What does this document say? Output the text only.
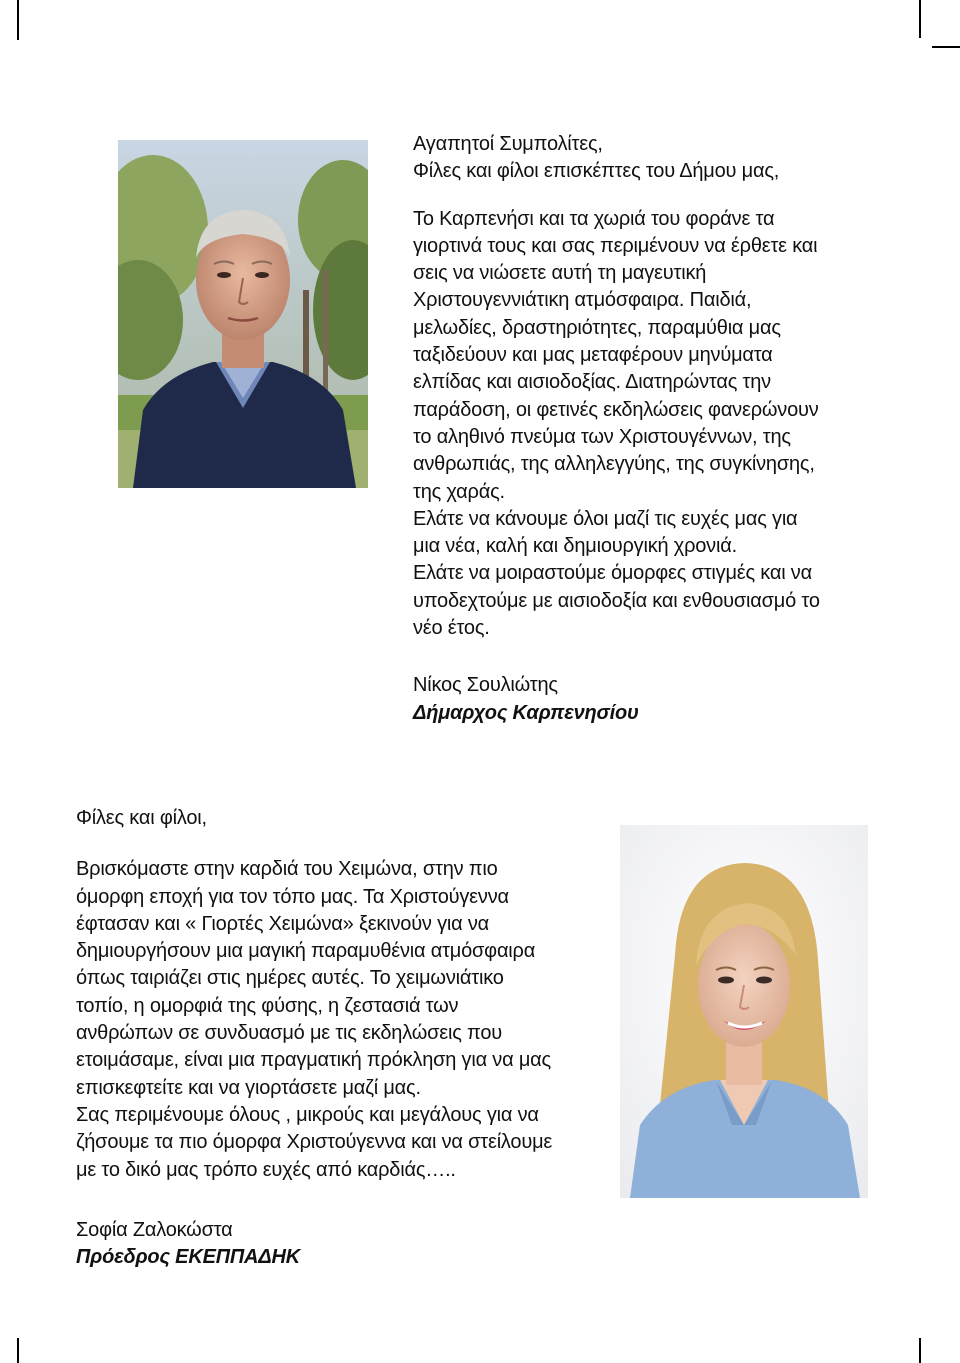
Αγαπητοί Συμπολίτες,

Φίλες και φίλοι επισκέπτες του Δήμου μας,

Το Καρπενήσι και τα χωριά του φοράνε τα

γιορτινά τους και σας περιμένουν να έρθετε και

σεις να νιώσετε αυτή τη μαγευτική

Χριστουγεννιάτικη ατμόσφαιρα. Παιδιά,

μελωδίες, δραστηριότητες, παραμύθια μας

ταξιδεύουν και μας μεταφέρουν μηνύματα

ελπίδας και αισιοδοξίας. Διατηρώντας την

παράδοση, οι φετινές εκδηλώσεις φανερώνουν

το αληθινό πνεύμα των Χριστουγέννων, της

ανθρωπιάς, της αλληλεγγύης, της συγκίνησης,

της χαράς.

Ελάτε να κάνουμε όλοι μαζί τις ευχές μας για

μια νέα, καλή και δημιουργική χρονιά.

Ελάτε να μοιραστούμε όμορφες στιγμές και να

υποδεχτούμε με αισιοδοξία και ενθουσιασμό το

νέο έτος.

Νίκος Σουλιώτης

Δήμαρχος Καρπενησίου

Φίλες και φίλοι,

Βρισκόμαστε στην καρδιά του Χειμώνα, στην πιο

όμορφη εποχή για τον τόπο μας. Τα Χριστούγεννα

έφτασαν και « Γιορτές Χειμώνα» ξεκινούν για να

δημιουργήσουν μια μαγική παραμυθένια ατμόσφαιρα

όπως ταιριάζει στις ημέρες αυτές. Το χειμωνιάτικο

τοπίο, η ομορφιά της φύσης, η ζεστασιά των

ανθρώπων σε συνδυασμό με τις εκδηλώσεις που

ετοιμάσαμε, είναι μια πραγματική πρόκληση για να μας

επισκεφτείτε και να γιορτάσετε μαζί μας.

Σας περιμένουμε όλους , μικρούς και μεγάλους για να

ζήσουμε τα πιο όμορφα Χριστούγεννα και να στείλουμε

με το δικό μας τρόπο ευχές από καρδιάς…..

Σοφία Ζαλοκώστα

Πρόεδρος ΕΚΕΠΠΑΔΗΚ
